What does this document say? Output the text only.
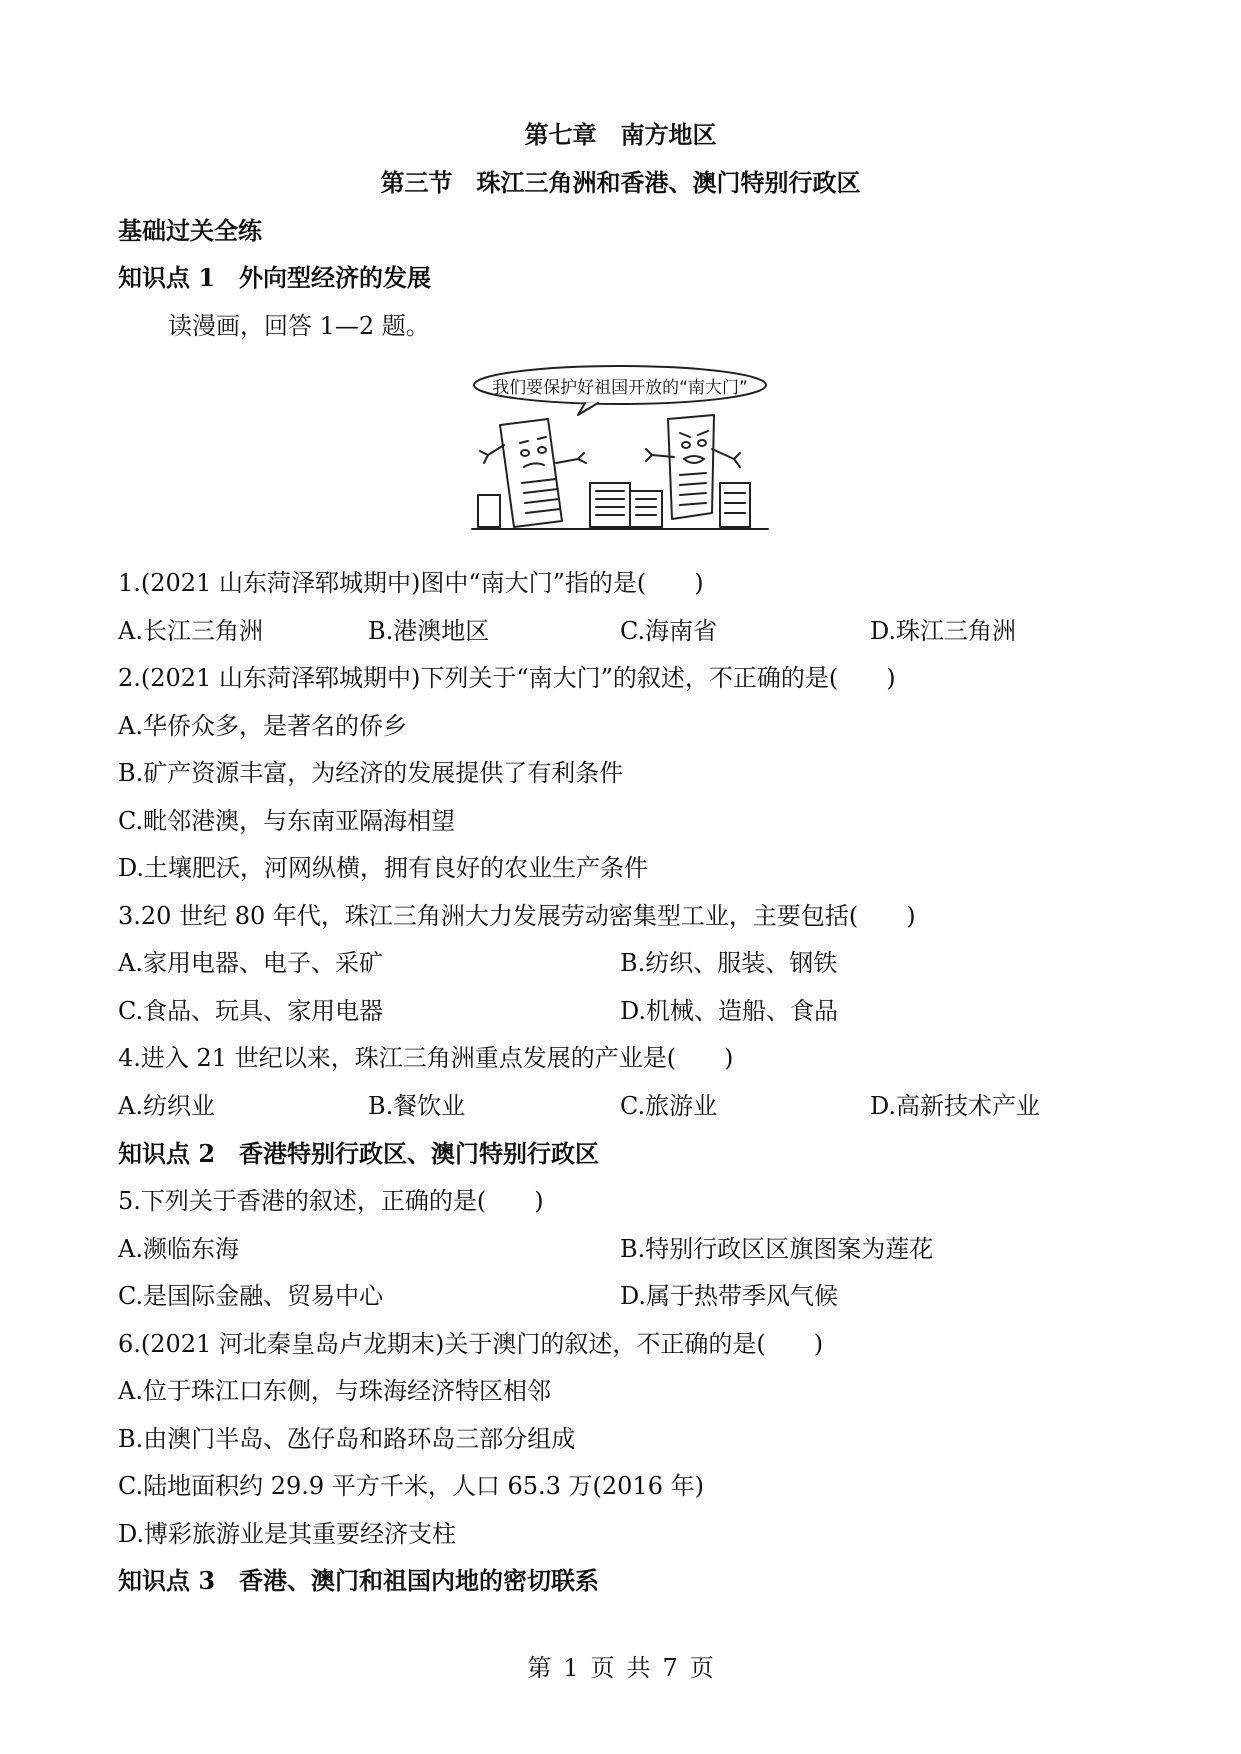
第七章　南方地区
第三节　珠江三角洲和香港、澳门特别行政区
基础过关全练
知识点 1　外向型经济的发展
读漫画，回答 1—2 题。
我们要保护好祖国开放的“南大门”
1.(2021 山东菏泽郓城期中)图中“南大门”指的是(　　)
A.长江三角洲	B.港澳地区	C.海南省	D.珠江三角洲
2.(2021 山东菏泽郓城期中)下列关于“南大门”的叙述，不正确的是(　　)
A.华侨众多，是著名的侨乡
B.矿产资源丰富，为经济的发展提供了有利条件
C.毗邻港澳，与东南亚隔海相望
D.土壤肥沃，河网纵横，拥有良好的农业生产条件
3.20 世纪 80 年代，珠江三角洲大力发展劳动密集型工业，主要包括(　　)
A.家用电器、电子、采矿	B.纺织、服装、钢铁
C.食品、玩具、家用电器	D.机械、造船、食品
4.进入 21 世纪以来，珠江三角洲重点发展的产业是(　　)
A.纺织业	B.餐饮业	C.旅游业	D.高新技术产业
知识点 2　香港特别行政区、澳门特别行政区
5.下列关于香港的叙述，正确的是(　　)
A.濒临东海	B.特别行政区区旗图案为莲花
C.是国际金融、贸易中心	D.属于热带季风气候
6.(2021 河北秦皇岛卢龙期末)关于澳门的叙述，不正确的是(　　)
A.位于珠江口东侧，与珠海经济特区相邻
B.由澳门半岛、氹仔岛和路环岛三部分组成
C.陆地面积约 29.9 平方千米，人口 65.3 万(2016 年)
D.博彩旅游业是其重要经济支柱
知识点 3　香港、澳门和祖国内地的密切联系
第 1 页 共 7 页
